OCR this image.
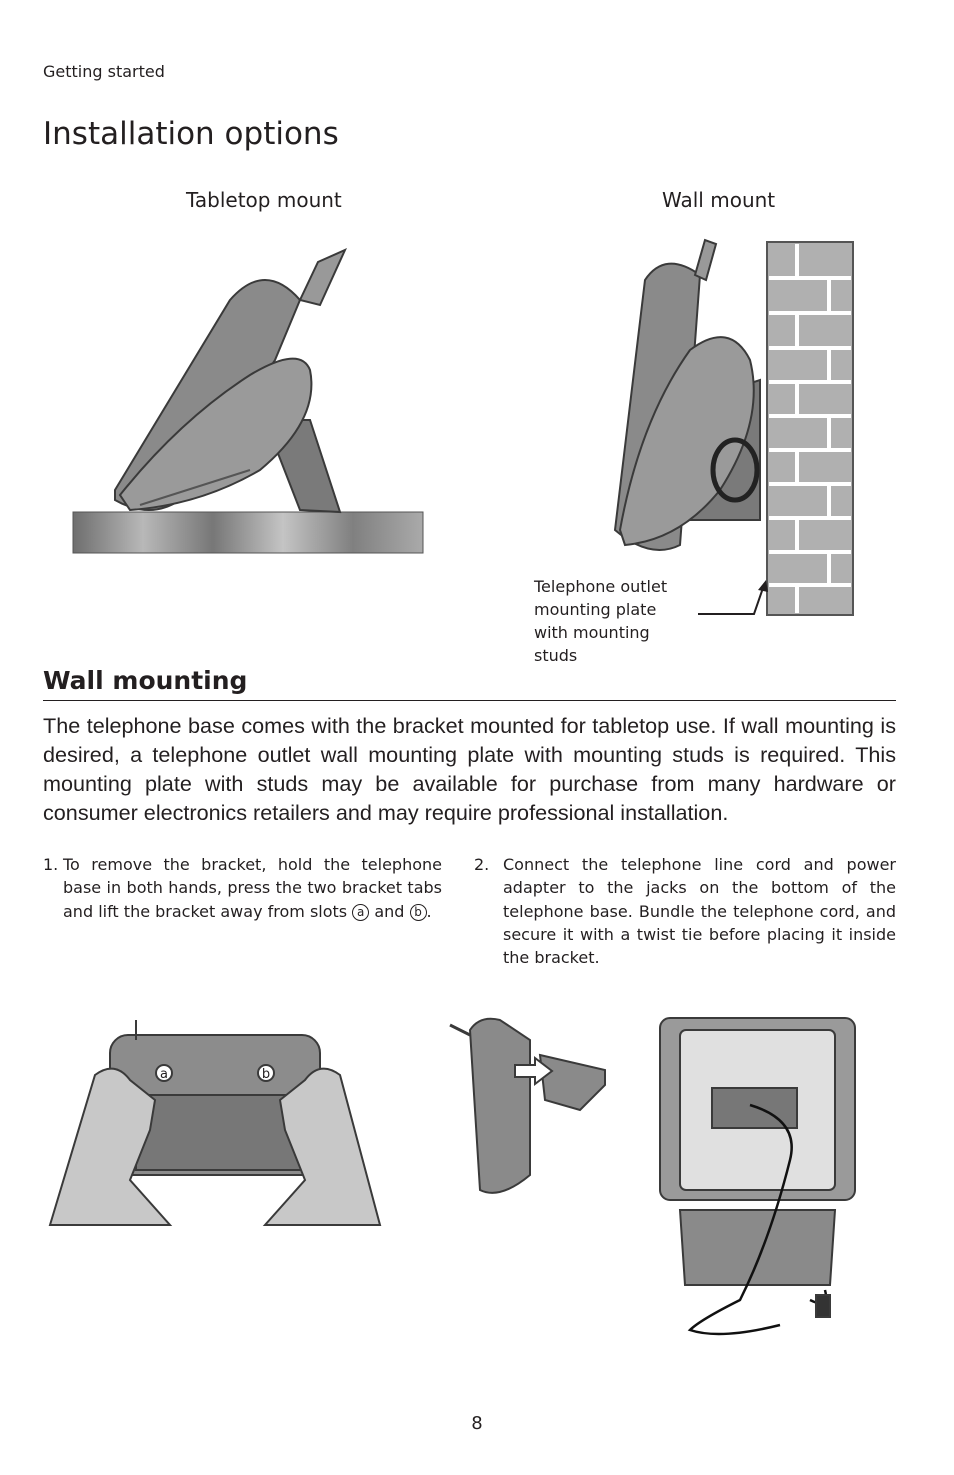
Getting started
Installation options
Tabletop mount	Wall mount
Telephone outlet mounting plate with mounting studs
Wall mounting

The telephone base comes with the bracket mounted for tabletop use. If wall mounting is desired, a telephone outlet wall mounting plate with mounting studs is required. This mounting plate with studs may be available for purchase from many hardware or consumer electronics retailers and may require professional installation.

1. To remove the bracket, hold the telephone base in both hands, press the two bracket tabs and lift the bracket away from slots a and b .

2. Connect the telephone line cord and power adapter to the jacks on the bottom of the telephone base. Bundle the telephone cord, and secure it with a twist tie before placing it inside the bracket.

a	b
8
